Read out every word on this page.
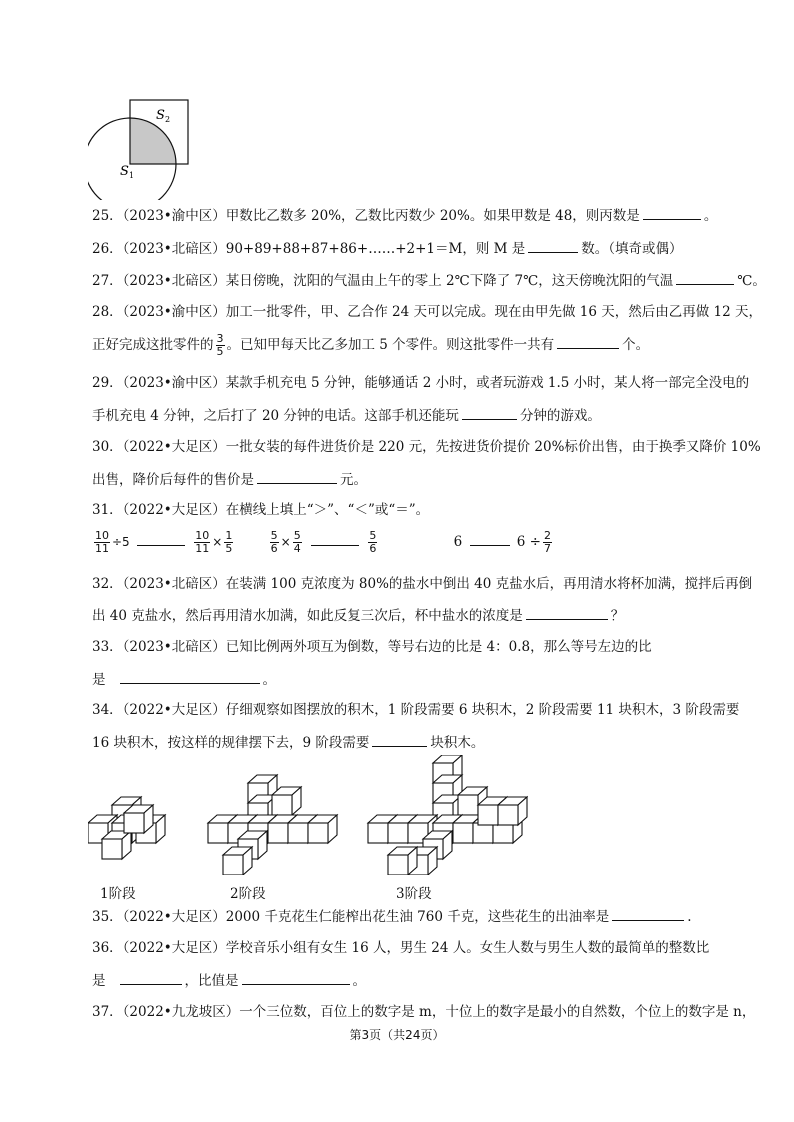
S 2
S 1
25．（2023•渝中区）甲数比乙数多 20%，乙数比丙数少 20%。如果甲数是 48，则丙数是	。
26．（2023•北碚区）90+89+88+87+86+……+2+1＝M，则 M 是	数。（填奇或偶）
27．（2023•北碚区）某日傍晚，沈阳的气温由上午的零上 2℃下降了 7℃，这天傍晚沈阳的气温	℃。
28．（2023•渝中区）加工一批零件，甲、乙合作 24 天可以完成。现在由甲先做 16 天，然后由乙再做 12 天，
正好完成这批零件的 $\frac{3}{5}$ 。已知甲每天比乙多加工 5 个零件。则这批零件一共有	个。
29．（2023•渝中区）某款手机充电 5 分钟，能够通话 2 小时，或者玩游戏 1.5 小时，某人将一部完全没电的
手机充电 4 分钟，之后打了 20 分钟的电话。这部手机还能玩	分钟的游戏。
30．（2022•大足区）一批女装的每件进货价是 220 元，先按进货价提价 20%标价出售，由于换季又降价 10%
出售，降价后每件的售价是	元。
31．（2022•大足区）在横线上填上“＞”、“＜”或“＝”。
$\frac{10}{11} \div 5$	$\frac{10}{11} \times \frac{1}{5}$
	$\frac{5}{6} \times \frac{5}{4}$
	$\frac{5}{6}$	6	$6 \div \frac{2}{7}$
32．（2023•北碚区）在装满 100 克浓度为 80%的盐水中倒出 40 克盐水后，再用清水将杯加满，搅拌后再倒
出 40 克盐水，然后再用清水加满，如此反复三次后，杯中盐水的浓度是	？
33．（2023•北碚区）已知比例两外项互为倒数，等号右边的比是 4：0.8，那么等号左边的比
是	。
34．（2022•大足区）仔细观察如图摆放的积木，1 阶段需要 6 块积木，2 阶段需要 11 块积木，3 阶段需要
16 块积木，按这样的规律摆下去，9 阶段需要	块积木。
1阶段	2阶段	3阶段
35．（2022•大足区）2000 千克花生仁能榨出花生油 760 千克，这些花生的出油率是	.
36．（2022•大足区）学校音乐小组有女生 16 人，男生 24 人。女生人数与男生人数的最简单的整数比
是	，比值是	。
37．（2022•九龙坡区）一个三位数，百位上的数字是 m，十位上的数字是最小的自然数，个位上的数字是 n，
第3页（共24页）
